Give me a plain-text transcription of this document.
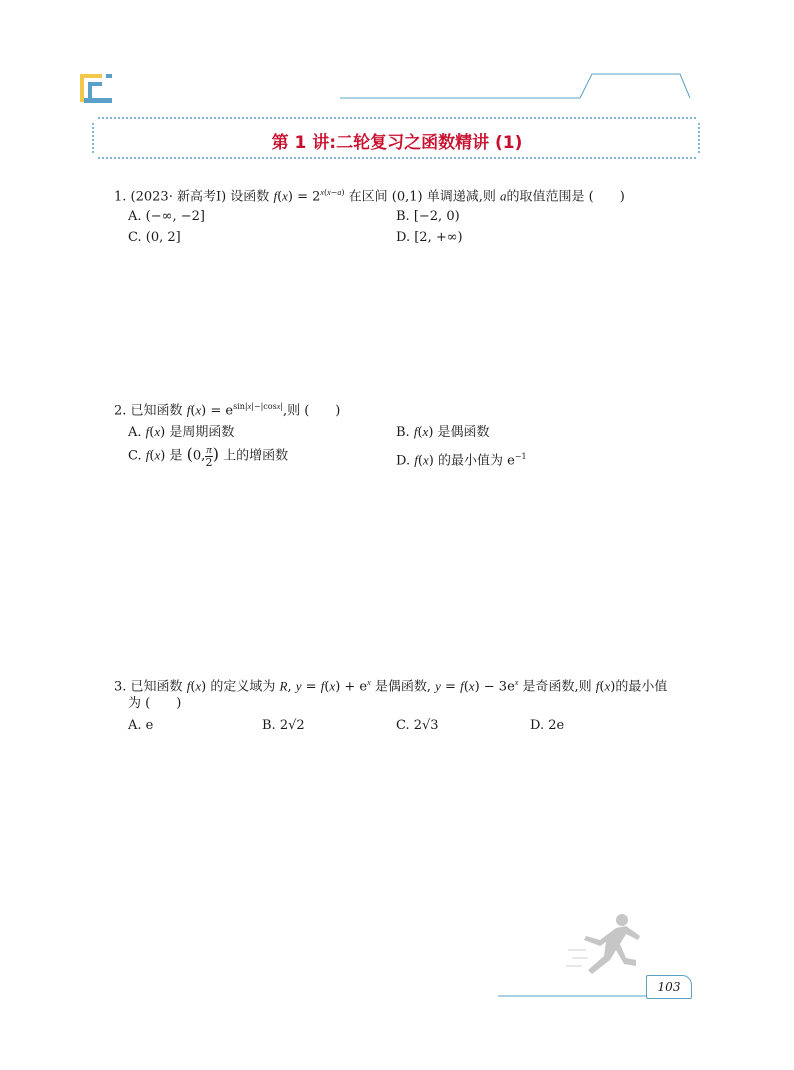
第 1 讲:二轮复习之函数精讲 (1)
1. (2023· 新高考Ⅰ) 设函数 $f(x) = 2^{x(x-a)}$ 在区间 (0,1) 单调递减,则 a的取值范围是 (　　)
A. (−∞, −2]	B. [−2, 0)
C. (0, 2]	D. [2, +∞)
2. 已知函数 $f(x) = e^{sin|x|-|cosx|}$,则 (　　)
A. f(x) 是周期函数	B. f(x) 是偶函数
C. f(x) 是 (0, $\frac{\pi}{2}$ ) 上的增函数	D. f(x) 的最小值为 $e^{-1}$
3. 已知函数 f(x) 的定义域为 R, $y = f(x) + e^x$ 是偶函数, $y = f(x) - 3e^x$ 是奇函数,则 f(x)的最小值
为 (　　)
A. e	B. 2√2	C. 2√3	D. 2e
103
